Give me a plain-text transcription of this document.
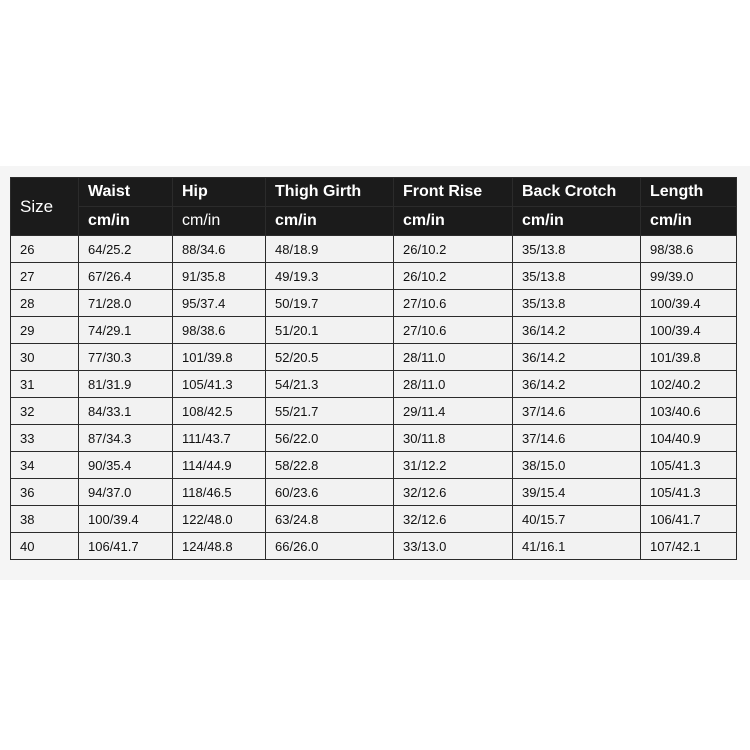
Size	Waist	Hip	Thigh Girth	Front Rise	Back Crotch	Length
	cm/in	cm/in	cm/in	cm/in	cm/in	cm/in
26	64/25.2	88/34.6	48/18.9	26/10.2	35/13.8	98/38.6
27	67/26.4	91/35.8	49/19.3	26/10.2	35/13.8	99/39.0
28	71/28.0	95/37.4	50/19.7	27/10.6	35/13.8	100/39.4
29	74/29.1	98/38.6	51/20.1	27/10.6	36/14.2	100/39.4
30	77/30.3	101/39.8	52/20.5	28/11.0	36/14.2	101/39.8
31	81/31.9	105/41.3	54/21.3	28/11.0	36/14.2	102/40.2
32	84/33.1	108/42.5	55/21.7	29/11.4	37/14.6	103/40.6
33	87/34.3	111/43.7	56/22.0	30/11.8	37/14.6	104/40.9
34	90/35.4	114/44.9	58/22.8	31/12.2	38/15.0	105/41.3
36	94/37.0	118/46.5	60/23.6	32/12.6	39/15.4	105/41.3
38	100/39.4	122/48.0	63/24.8	32/12.6	40/15.7	106/41.7
40	106/41.7	124/48.8	66/26.0	33/13.0	41/16.1	107/42.1
